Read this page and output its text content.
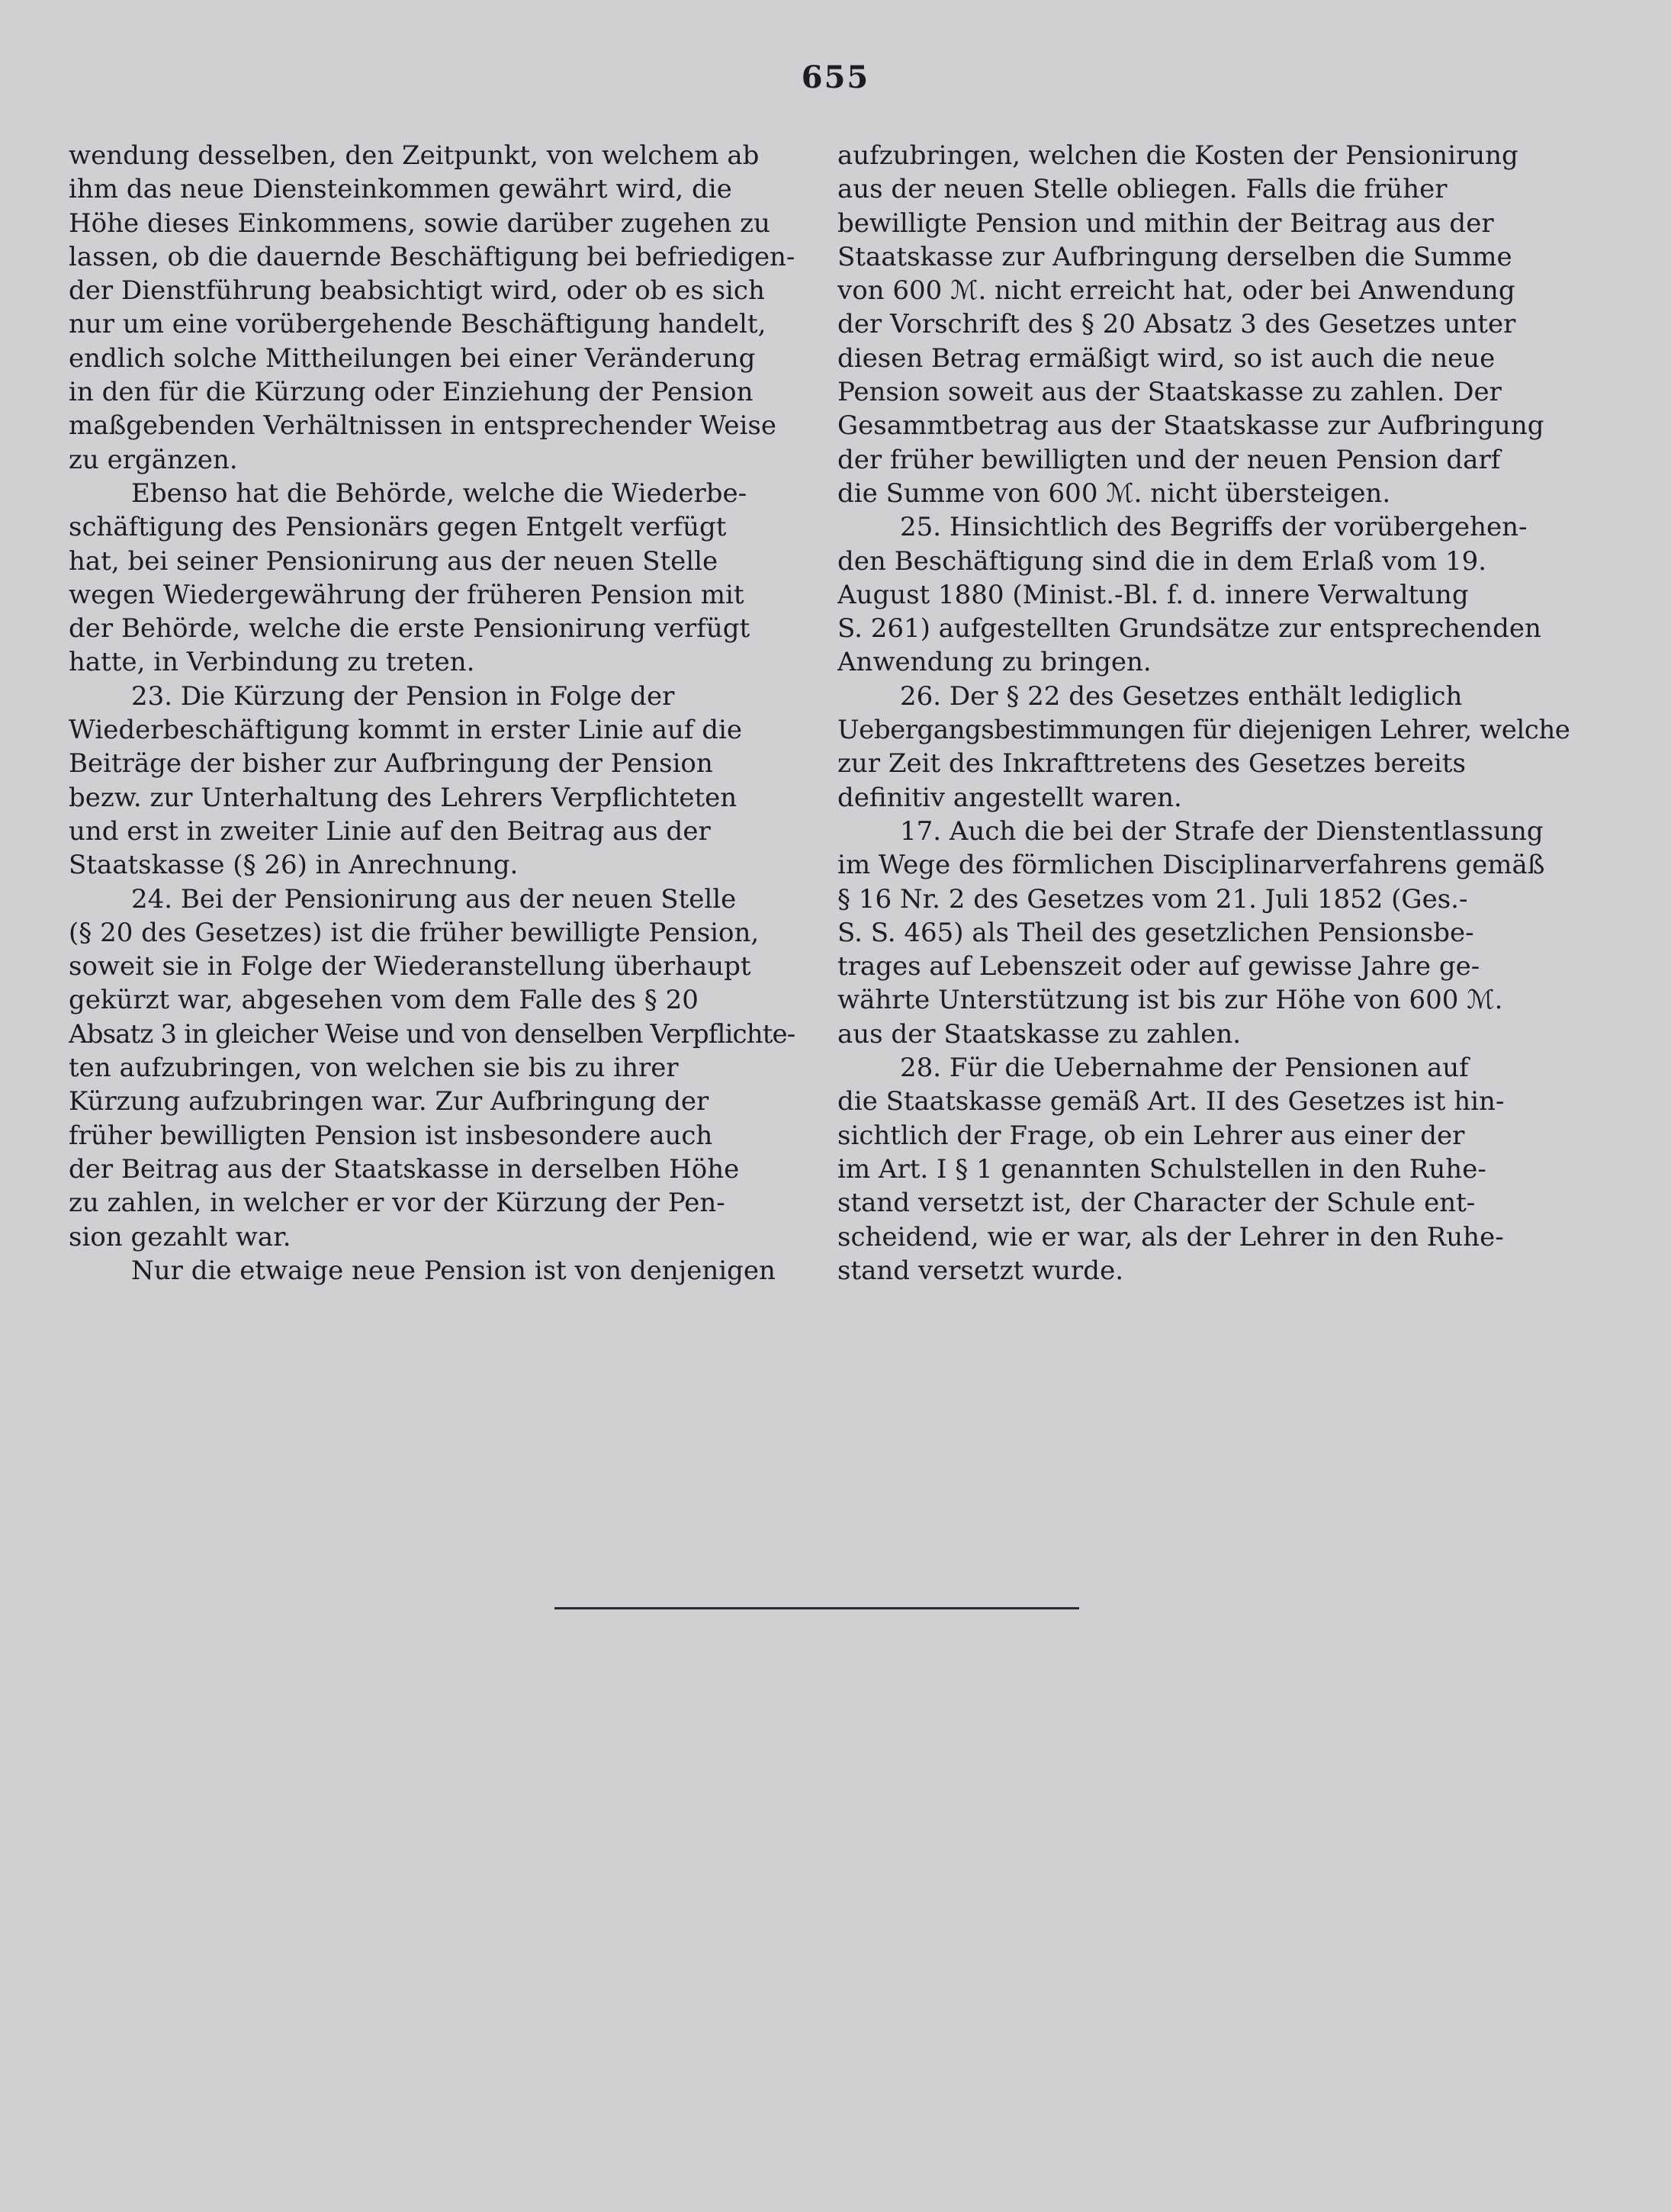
655
wendung desselben, den Zeitpunkt, von welchem ab
ihm das neue Diensteinkommen gewährt wird, die
Höhe dieses Einkommens, sowie darüber zugehen zu
lassen, ob die dauernde Beschäftigung bei befriedigen-
der Dienstführung beabsichtigt wird, oder ob es sich
nur um eine vorübergehende Beschäftigung handelt,
endlich solche Mittheilungen bei einer Veränderung
in den für die Kürzung oder Einziehung der Pension
maßgebenden Verhältnissen in entsprechender Weise
zu ergänzen.
Ebenso hat die Behörde, welche die Wiederbe-
schäftigung des Pensionärs gegen Entgelt verfügt
hat, bei seiner Pensionirung aus der neuen Stelle
wegen Wiedergewährung der früheren Pension mit
der Behörde, welche die erste Pensionirung verfügt
hatte, in Verbindung zu treten.
23. Die Kürzung der Pension in Folge der
Wiederbeschäftigung kommt in erster Linie auf die
Beiträge der bisher zur Aufbringung der Pension
bezw. zur Unterhaltung des Lehrers Verpflichteten
und erst in zweiter Linie auf den Beitrag aus der
Staatskasse (§ 26) in Anrechnung.
24. Bei der Pensionirung aus der neuen Stelle
(§ 20 des Gesetzes) ist die früher bewilligte Pension,
soweit sie in Folge der Wiederanstellung überhaupt
gekürzt war, abgesehen vom dem Falle des § 20
Absatz 3 in gleicher Weise und von denselben Verpflichte-
ten aufzubringen, von welchen sie bis zu ihrer
Kürzung aufzubringen war. Zur Aufbringung der
früher bewilligten Pension ist insbesondere auch
der Beitrag aus der Staatskasse in derselben Höhe
zu zahlen, in welcher er vor der Kürzung der Pen-
sion gezahlt war.
Nur die etwaige neue Pension ist von denjenigen
aufzubringen, welchen die Kosten der Pensionirung
aus der neuen Stelle obliegen. Falls die früher
bewilligte Pension und mithin der Beitrag aus der
Staatskasse zur Aufbringung derselben die Summe
von 600 ℳ. nicht erreicht hat, oder bei Anwendung
der Vorschrift des § 20 Absatz 3 des Gesetzes unter
diesen Betrag ermäßigt wird, so ist auch die neue
Pension soweit aus der Staatskasse zu zahlen. Der
Gesammtbetrag aus der Staatskasse zur Aufbringung
der früher bewilligten und der neuen Pension darf
die Summe von 600 ℳ. nicht übersteigen.
25. Hinsichtlich des Begriffs der vorübergehen-
den Beschäftigung sind die in dem Erlaß vom 19.
August 1880 (Minist.-Bl. f. d. innere Verwaltung
S. 261) aufgestellten Grundsätze zur entsprechenden
Anwendung zu bringen.
26. Der § 22 des Gesetzes enthält lediglich
Uebergangsbestimmungen für diejenigen Lehrer, welche
zur Zeit des Inkrafttretens des Gesetzes bereits
definitiv angestellt waren.
17. Auch die bei der Strafe der Dienstentlassung
im Wege des förmlichen Disciplinarverfahrens gemäß
§ 16 Nr. 2 des Gesetzes vom 21. Juli 1852 (Ges.-
S. S. 465) als Theil des gesetzlichen Pensionsbe-
trages auf Lebenszeit oder auf gewisse Jahre ge-
währte Unterstützung ist bis zur Höhe von 600 ℳ.
aus der Staatskasse zu zahlen.
28. Für die Uebernahme der Pensionen auf
die Staatskasse gemäß Art. II des Gesetzes ist hin-
sichtlich der Frage, ob ein Lehrer aus einer der
im Art. I § 1 genannten Schulstellen in den Ruhe-
stand versetzt ist, der Character der Schule ent-
scheidend, wie er war, als der Lehrer in den Ruhe-
stand versetzt wurde.
